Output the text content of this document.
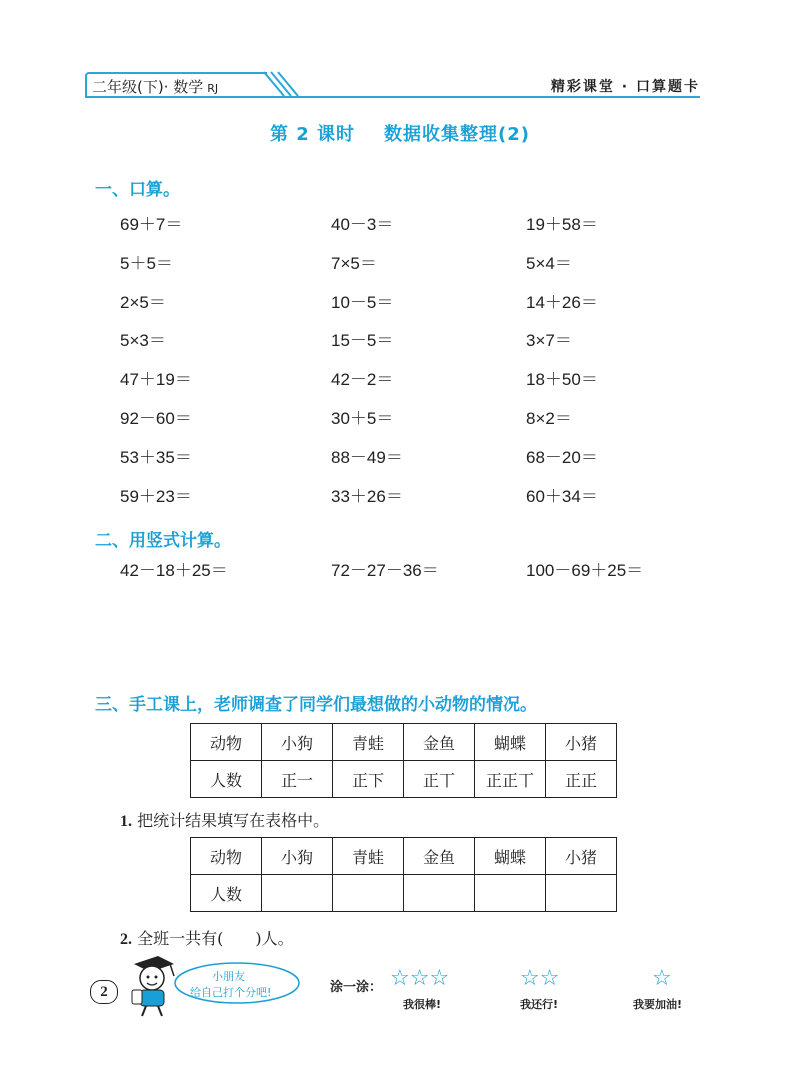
二年级(下)· 数学 RJ	精彩课堂 · 口算题卡
第 2 课时    数据收集整理(2)
一、口算。
69＋7＝	40－3＝	19＋58＝
5＋5＝	7×5＝	5×4＝
2×5＝	10－5＝	14＋26＝
5×3＝	15－5＝	3×7＝
47＋19＝	42－2＝	18＋50＝
92－60＝	30＋5＝	8×2＝
53＋35＝	88－49＝	68－20＝
59＋23＝	33＋26＝	60＋34＝
二、用竖式计算。
42－18＋25＝	72－27－36＝	100－69＋25＝
三、手工课上，老师调查了同学们最想做的小动物的情况。
动物	小狗	青蛙	金鱼	蝴蝶	小猪
人数	正一	正下	正丅	正正丅	正正
1. 把统计结果填写在表格中。
动物	小狗	青蛙	金鱼	蝴蝶	小猪
人数					
2. 全班一共有(　　)人。
2
小朋友
给自己打个分吧!	涂一涂： ☆☆☆
我很棒!
☆☆
我还行!
☆
我要加油!
